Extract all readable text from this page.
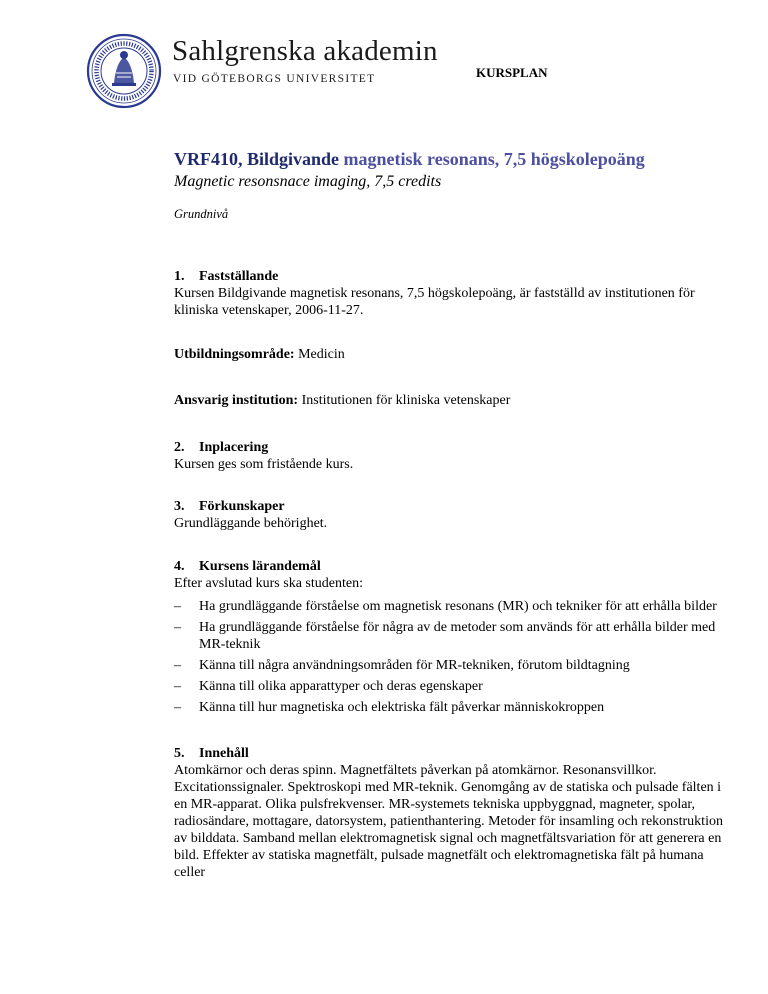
Sahlgrenska akademin
VID GÖTEBORGS UNIVERSITET	KURSPLAN
VRF410, Bildgivande magnetisk resonans, 7,5 högskolepoäng
Magnetic resonsnace imaging, 7,5 credits
Grundnivå
1. Fastställande
Kursen Bildgivande magnetisk resonans, 7,5 högskolepoäng, är fastställd av institutionen för kliniska vetenskaper, 2006-11-27.
Utbildningsområde: Medicin
Ansvarig institution: Institutionen för kliniska vetenskaper
2. Inplacering
Kursen ges som fristående kurs.
3. Förkunskaper
Grundläggande behörighet.
4. Kursens lärandemål
Efter avslutad kurs ska studenten:
– Ha grundläggande förståelse om magnetisk resonans (MR) och tekniker för att erhålla bilder
– Ha grundläggande förståelse för några av de metoder som används för att erhålla bilder med MR-teknik
– Känna till några användningsområden för MR-tekniken, förutom bildtagning
– Känna till olika apparattyper och deras egenskaper
– Känna till hur magnetiska och elektriska fält påverkar människokroppen
5. Innehåll
Atomkärnor och deras spinn. Magnetfältets påverkan på atomkärnor. Resonansvillkor. Excitationssignaler. Spektroskopi med MR-teknik. Genomgång av de statiska och pulsade fälten i en MR-apparat. Olika pulsfrekvenser. MR-systemets tekniska uppbyggnad, magneter, spolar, radiosändare, mottagare, datorsystem, patienthantering. Metoder för insamling och rekonstruktion av bilddata. Samband mellan elektromagnetisk signal och magnetfältsvariation för att generera en bild. Effekter av statiska magnetfält, pulsade magnetfält och elektromagnetiska fält på humana celler
